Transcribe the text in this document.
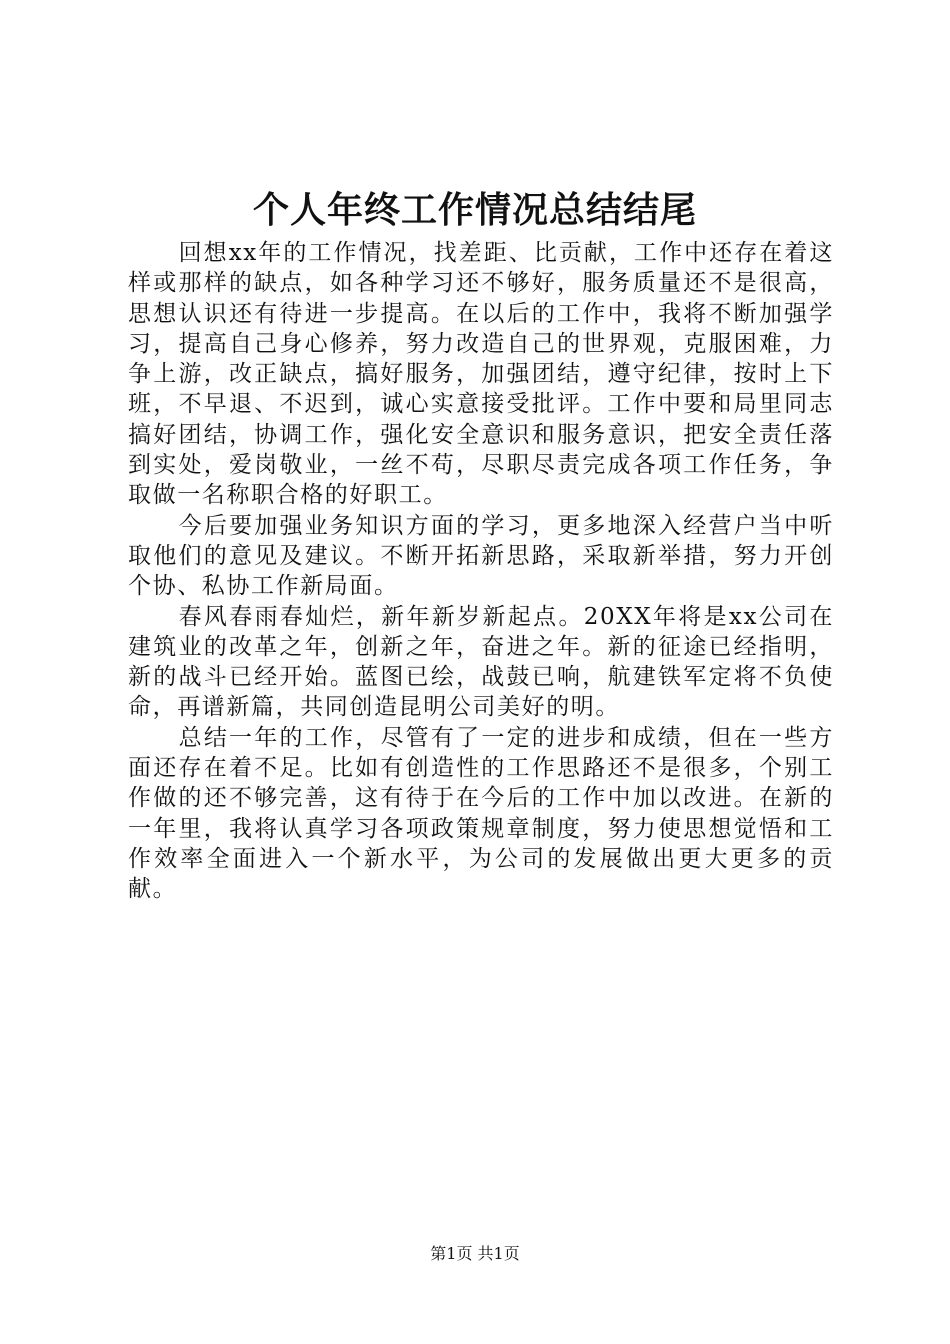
个人年终工作情况总结结尾

回想xx年的工作情况，找差距、比贡献，工作中还存在着这样或那样的缺点，如各种学习还不够好，服务质量还不是很高，思想认识还有待进一步提高。在以后的工作中，我将不断加强学习，提高自己身心修养，努力改造自己的世界观，克服困难，力争上游，改正缺点，搞好服务，加强团结，遵守纪律，按时上下班，不早退、不迟到，诚心实意接受批评。工作中要和局里同志搞好团结，协调工作，强化安全意识和服务意识，把安全责任落到实处，爱岗敬业，一丝不苟，尽职尽责完成各项工作任务，争取做一名称职合格的好职工。

今后要加强业务知识方面的学习，更多地深入经营户当中听取他们的意见及建议。不断开拓新思路，采取新举措，努力开创个协、私协工作新局面。

春风春雨春灿烂，新年新岁新起点。20XX年将是xx公司在建筑业的改革之年，创新之年，奋进之年。新的征途已经指明，新的战斗已经开始。蓝图已绘，战鼓已响，航建铁军定将不负使命，再谱新篇，共同创造昆明公司美好的明。

总结一年的工作，尽管有了一定的进步和成绩，但在一些方面还存在着不足。比如有创造性的工作思路还不是很多，个别工作做的还不够完善，这有待于在今后的工作中加以改进。在新的一年里，我将认真学习各项政策规章制度，努力使思想觉悟和工作效率全面进入一个新水平，为公司的发展做出更大更多的贡献。

第1页 共1页
